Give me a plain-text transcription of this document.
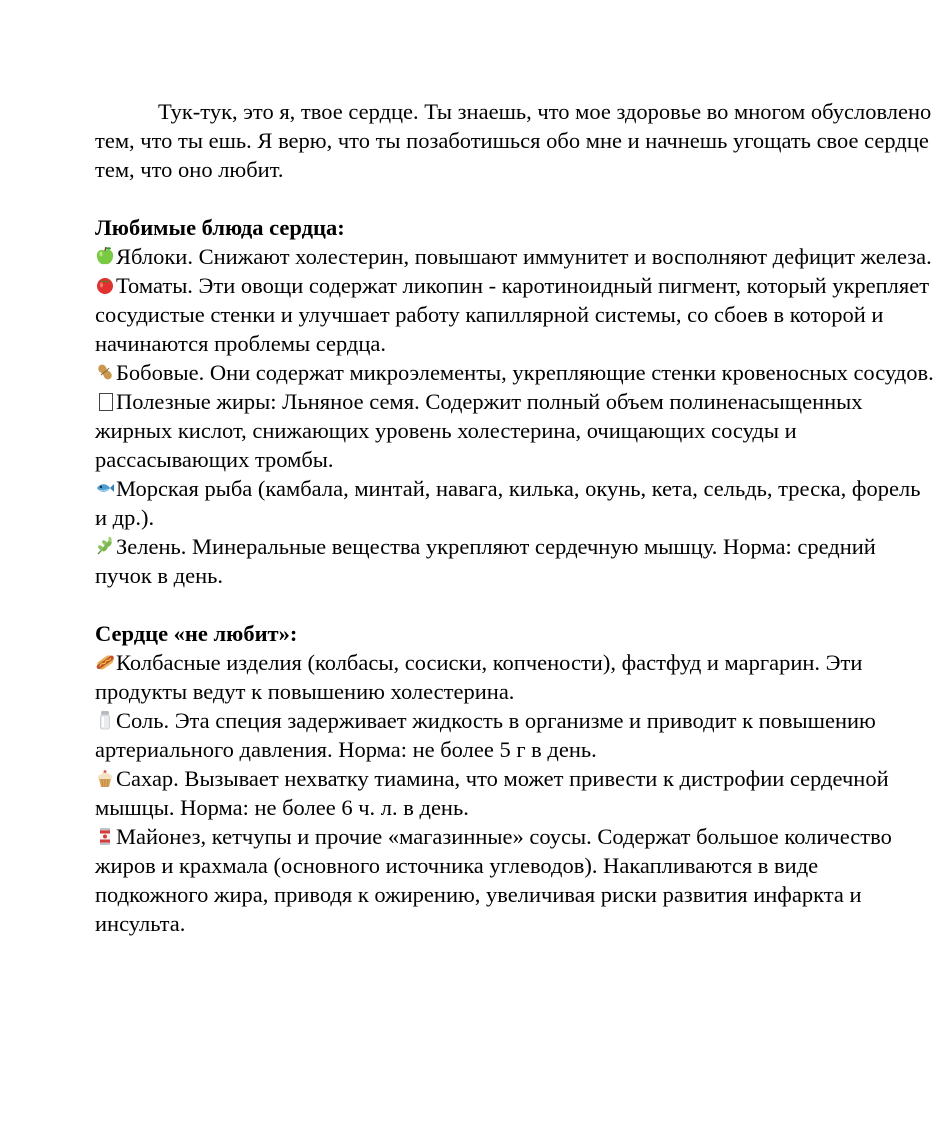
Тук-тук, это я, твое сердце. Ты знаешь, что мое здоровье во многом обусловлено тем, что ты ешь. Я верю, что ты позаботишься обо мне и начнешь угощать свое сердце тем, что оно любит.

Любимые блюда сердца:

Яблоки. Снижают холестерин, повышают иммунитет и восполняют дефицит железа.

Томаты. Эти овощи содержат ликопин - каротиноидный пигмент, который укрепляет сосудистые стенки и улучшает работу капиллярной системы, со сбоев в которой и начинаются проблемы сердца.

Бобовые. Они содержат микроэлементы, укрепляющие стенки кровеносных сосудов.

Полезные жиры: Льняное семя. Содержит полный объем полиненасыщенных жирных кислот, снижающих уровень холестерина, очищающих сосуды и рассасывающих тромбы.

Морская рыба (камбала, минтай, навага, килька, окунь, кета, сельдь, треска, форель и др.).

Зелень. Минеральные вещества укрепляют сердечную мышцу. Норма: средний пучок в день.

Сердце «не любит»:

Колбасные изделия (колбасы, сосиски, копчености), фастфуд и маргарин. Эти продукты ведут к повышению холестерина.

Соль. Эта специя задерживает жидкость в организме и приводит к повышению артериального давления. Норма: не более 5 г в день.

Сахар. Вызывает нехватку тиамина, что может привести к дистрофии сердечной мышцы. Норма: не более 6 ч. л. в день.

Майонез, кетчупы и прочие «магазинные» соусы. Содержат большое количество жиров и крахмала (основного источника углеводов). Накапливаются в виде подкожного жира, приводя к ожирению, увеличивая риски развития инфаркта и инсульта.
